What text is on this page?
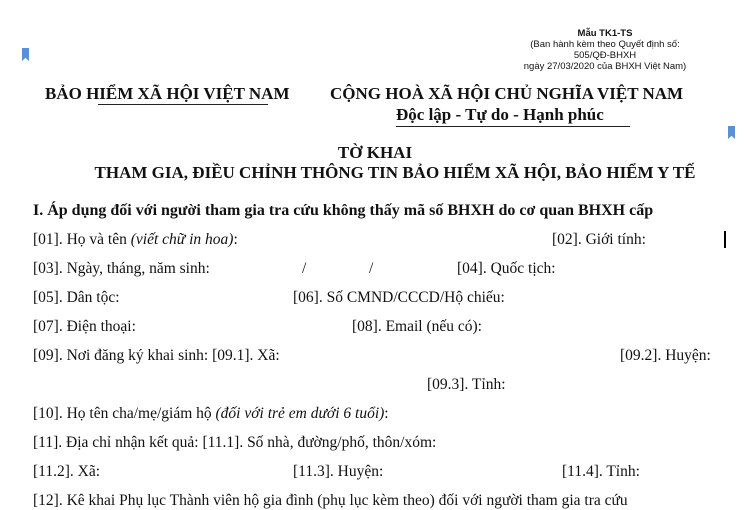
Mẫu TK1-TS
(Ban hành kèm theo Quyết định số:
505/QĐ-BHXH
ngày 27/03/2020 của BHXH Việt Nam)
BẢO HIỂM XÃ HỘI VIỆT NAM CỘNG HOÀ XÃ HỘI CHỦ NGHĨA VIỆT NAM
Độc lập - Tự do - Hạnh phúc
TỜ KHAI
THAM GIA, ĐIỀU CHỈNH THÔNG TIN BẢO HIỂM XÃ HỘI, BẢO HIỂM Y TẾ
I. Áp dụng đối với người tham gia tra cứu không thấy mã số BHXH do cơ quan BHXH cấp
[01]. Họ và tên (viết chữ in hoa):	[02]. Giới tính:
[03]. Ngày, tháng, năm sinh:	/	/	[04]. Quốc tịch:
[05]. Dân tộc:	[06]. Số CMND/CCCD/Hộ chiếu:
[07]. Điện thoại:	[08]. Email (nếu có):
[09]. Nơi đăng ký khai sinh: [09.1]. Xã:	[09.2]. Huyện:
[09.3]. Tỉnh:
[10]. Họ tên cha/mẹ/giám hộ (đối với trẻ em dưới 6 tuổi):
[11]. Địa chỉ nhận kết quả: [11.1]. Số nhà, đường/phố, thôn/xóm:
[11.2]. Xã:	[11.3]. Huyện:	[11.4]. Tỉnh:
[12]. Kê khai Phụ lục Thành viên hộ gia đình (phụ lục kèm theo) đối với người tham gia tra cứu
